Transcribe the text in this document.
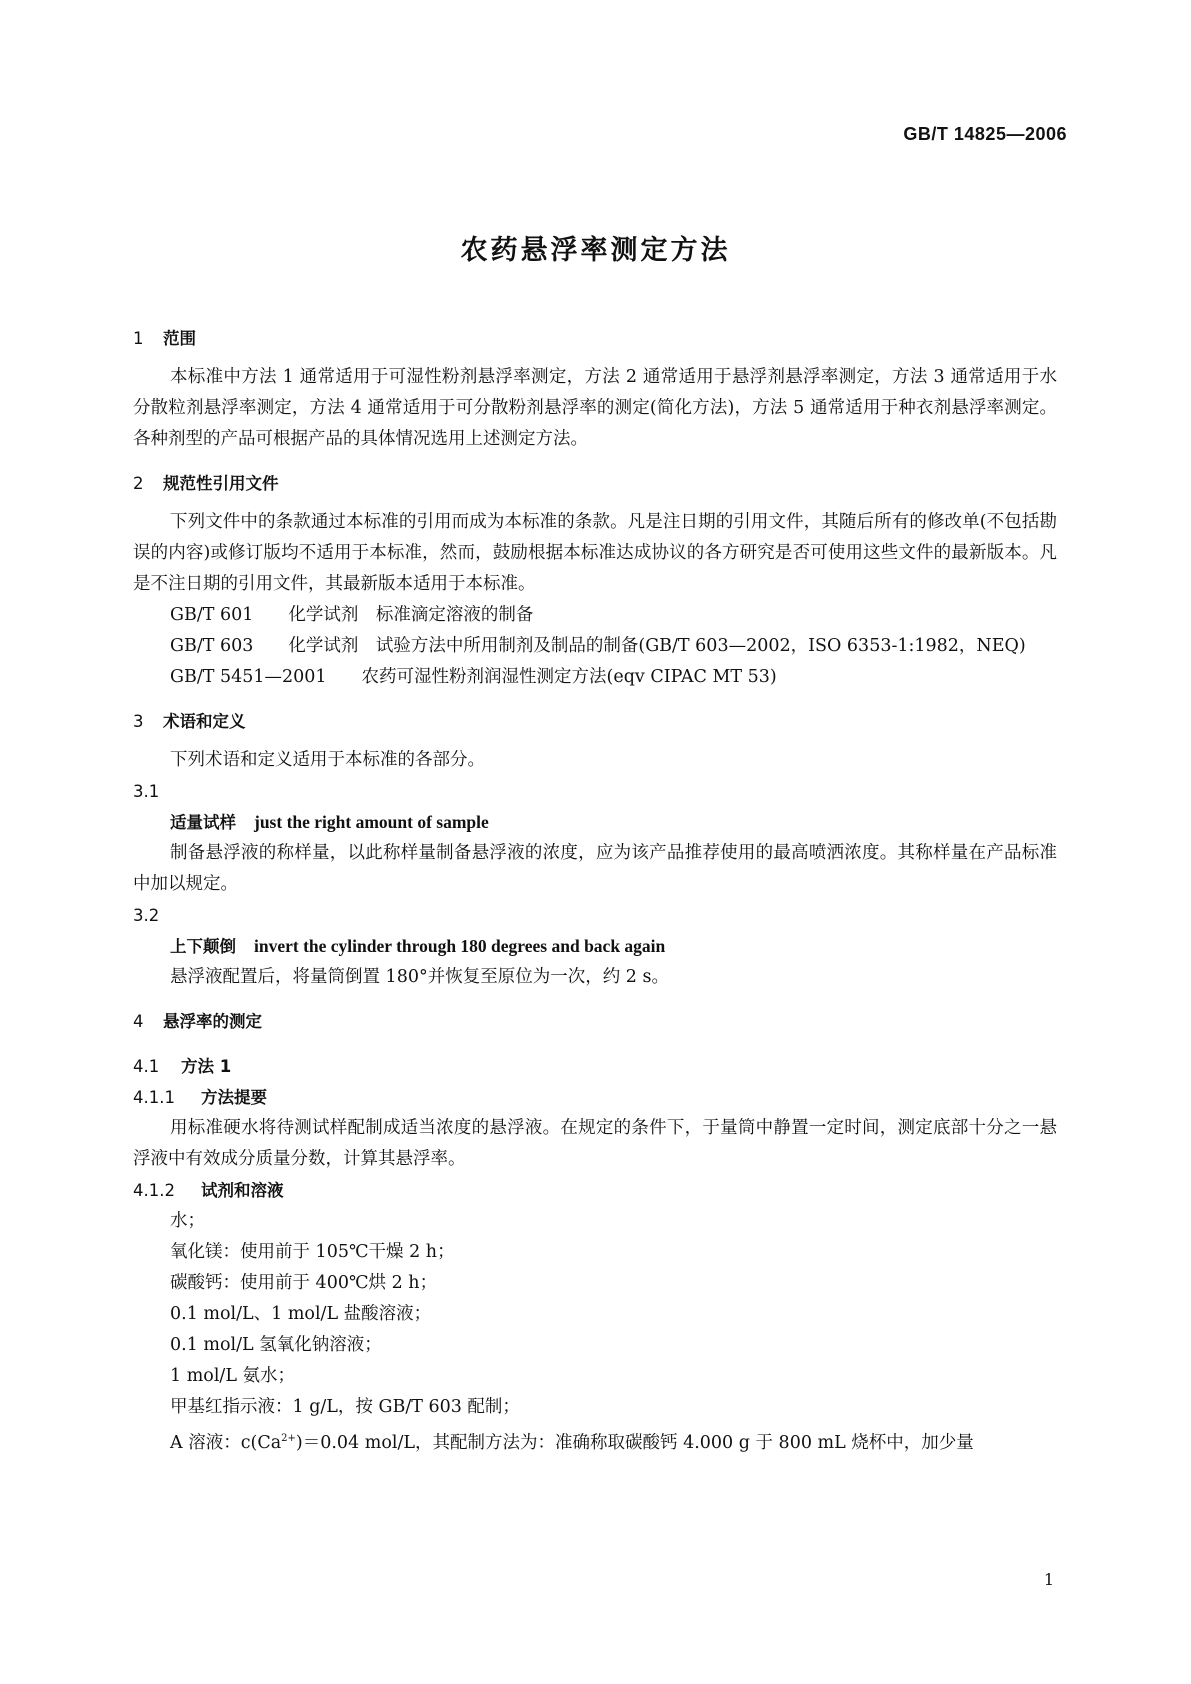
GB/T 14825—2006
农药悬浮率测定方法

1 范围

本标准中方法 1 通常适用于可湿性粉剂悬浮率测定，方法 2 通常适用于悬浮剂悬浮率测定，方法 3 通常适用于水分散粒剂悬浮率测定，方法 4 通常适用于可分散粉剂悬浮率的测定(简化方法)，方法 5 通常适用于种衣剂悬浮率测定。各种剂型的产品可根据产品的具体情况选用上述测定方法。

2 规范性引用文件

下列文件中的条款通过本标准的引用而成为本标准的条款。凡是注日期的引用文件，其随后所有的修改单(不包括勘误的内容)或修订版均不适用于本标准，然而，鼓励根据本标准达成协议的各方研究是否可使用这些文件的最新版本。凡是不注日期的引用文件，其最新版本适用于本标准。

GB/T 601　　 化学试剂　标准滴定溶液的制备

GB/T 603　　 化学试剂　试验方法中所用制剂及制品的制备(GB/T 603—2002，ISO 6353-1:1982，NEQ)

GB/T 5451—2001　　 农药可湿性粉剂润湿性测定方法(eqv CIPAC MT 53)

3 术语和定义

下列术语和定义适用于本标准的各部分。

3.1

适量试样 just the right amount of sample

制备悬浮液的称样量，以此称样量制备悬浮液的浓度，应为该产品推荐使用的最高喷洒浓度。其称样量在产品标准中加以规定。

3.2

上下颠倒 invert the cylinder through 180 degrees and back again

悬浮液配置后，将量筒倒置 180°并恢复至原位为一次，约 2 s。

4 悬浮率的测定

4.1 方法 1

4.1.1 方法提要

用标准硬水将待测试样配制成适当浓度的悬浮液。在规定的条件下，于量筒中静置一定时间，测定底部十分之一悬浮液中有效成分质量分数，计算其悬浮率。

4.1.2 试剂和溶液

水；

氧化镁：使用前于 105℃干燥 2 h；

碳酸钙：使用前于 400℃烘 2 h；

0.1 mol/L、1 mol/L 盐酸溶液；

0.1 mol/L 氢氧化钠溶液；

1 mol/L 氨水；

甲基红指示液：1 g/L，按 GB/T 603 配制；

A 溶液：$c(Ca^{2+})=0.04$ mol/L，其配制方法为：准确称取碳酸钙 4.000 g 于 800 mL 烧杯中，加少量

1
